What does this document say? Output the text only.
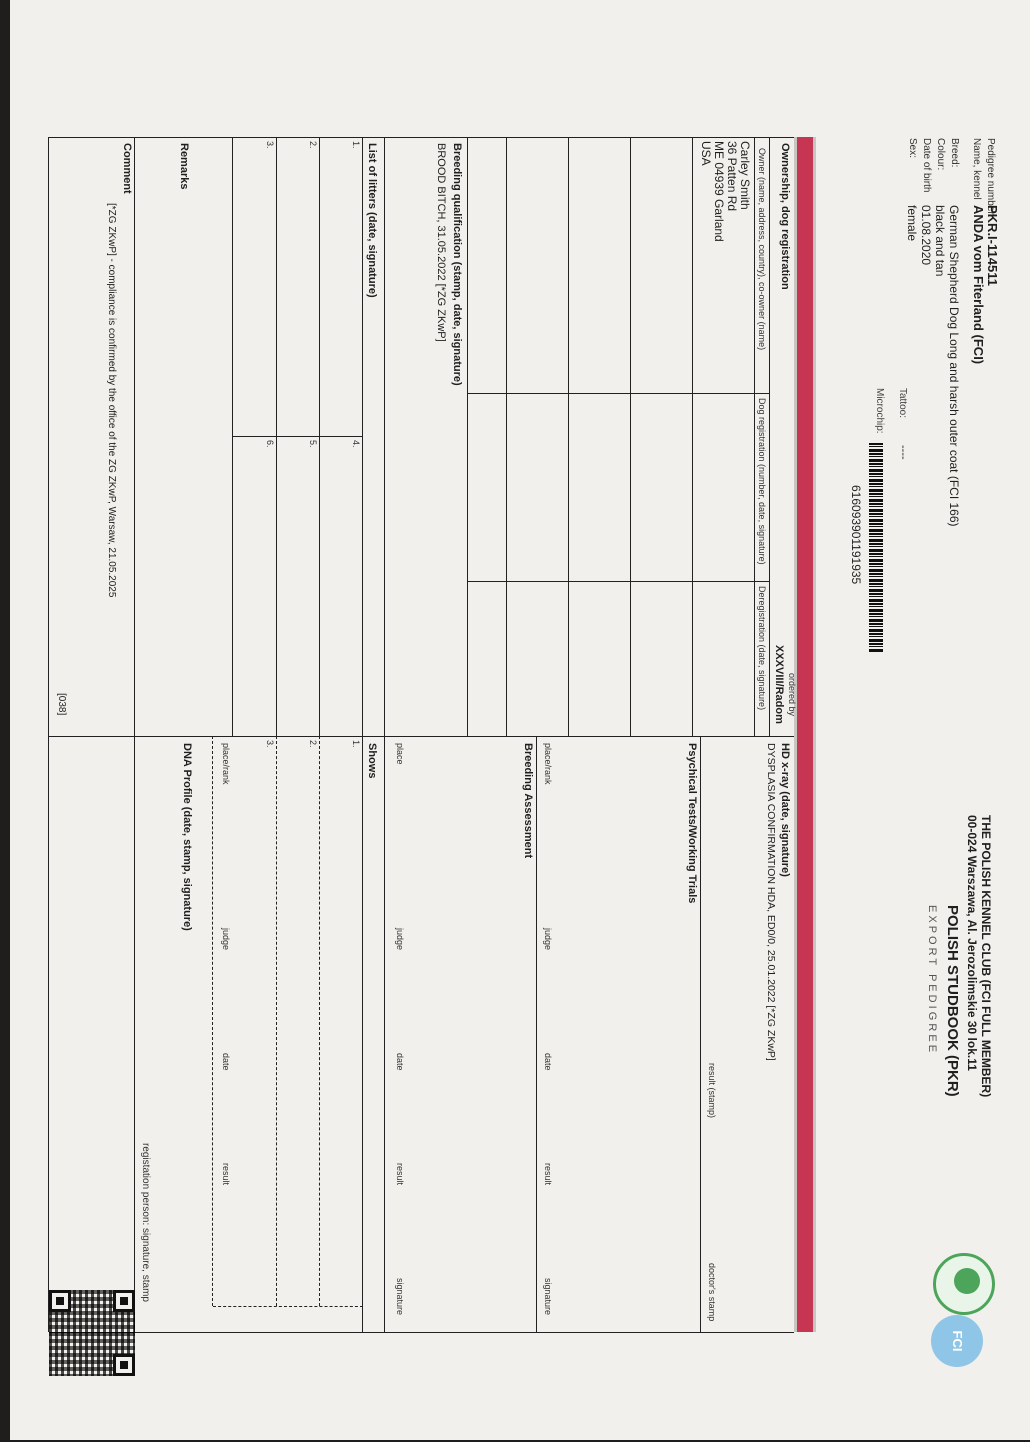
Pedigree number:
Name, kennel
Breed:
Colour:
Date of birth
Sex:
PKR.I-114511
ANDA vom Fiterland (FCI)
German Shepherd Dog Long and harsh outer coat (FCI 166)
black and tan
01.08.2020
female
Tattoo:
----
Microchip:
616093901191935
THE POLISH KENNEL CLUB (FCI FULL MEMBER)
00-024 Warszawa, Al. Jerozolimskie 30 lok.11
POLISH STUDBOOK (PKR)
E X P O R T   P E D I G R E E
FCI
Ownership, dog registration
ordered by
XXXVIII/Radom
Owner (name, address, country), co-owner (name)
Dog registration (number, date, signature)
Deregistration (date, signature)
Carley Smith
36 Patten Rd
ME 04939 Garland
USA
HD x-ray (date, signature)
DYSPLASIA CONFIRMATION HDA, ED0/0, 25.01.2022 [*ZG ZKwP]
result (stamp)
doctor's stamp
Breeding qualification (stamp, date, signature)
BROOD BITCH, 31.05.2022 [*ZG ZKwP]
Psychical Tests/Working Trials
place/rank
judge
date
result
signature
Breeding Assessment
place
judge
date
result
signature
List of litters (date, signature)
1.
2.
3.
4.
5.
6.
Shows
1.
2.
3.
place/rank
judge
date
result
Remarks
DNA Profile (date, stamp, signature)
registation person: signature, stamp
Comment
[*ZG ZKwP] - compliance is confirmed by the office of the ZG ZKwP, Warsaw, 21.05.2025
[038]
